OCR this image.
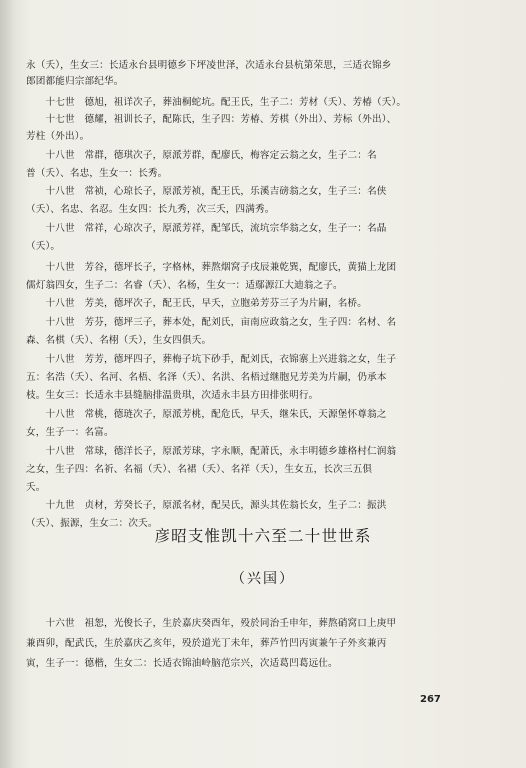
永（夭），生女三：长适永台县明德乡下坪凌世泽，次适永台县杭第荣思，三适衣锦乡
郎团都能归宗部纪华。
　　十七世　德旭，祖详次子，葬油桐蛇坑。配王氏，生子二：芳材（夭）、芳椿（夭）。
　　十七世　德耀，祖训长子，配陈氏，生子四：芳椿、芳棋（外出）、芳标（外出）、
芳柱（外出）。
　　十八世　常群，德琪次子，原派芳群，配廖氏，梅容定云翁之女，生子二：名
普（夭）、名忠，生女一：长秀。
　　十八世　常祯，心琼长子，原派芳祯，配王氏，乐溪吉磅翁之女，生子三：名侠
（夭）、名忠、名忍。生女四：长九秀，次三夭，四满秀。
　　十八世　常祥，心琼次子，原派芳祥，配邹氏，流坑宗华翁之女，生子一：名晶
（夭）。
　　十八世　芳谷，德坪长子，字格林，葬熬烟窝子戌辰兼乾巽，配廖氏，黄猫上龙团
儒灯翁四女，生子二：名睿（夭）、名杨，生女一：适鄢源江大迪翁之子。
　　十八世　芳美，德坪次子，配王氏，早夭，立胞弟芳芬三子为片嗣，名桥。
　　十八世　芳芬，德坪三子，葬本处，配刘氏，亩南应政翁之女，生子四：名材、名
森、名棋（夭）、名栩（夭），生女四俱夭。
　　十八世　芳芳，德坪四子，葬梅子坑下砂手，配刘氏，衣锦寨上兴进翁之女，生子
五：名浩（夭）、名河、名梧、名泽（夭）、名洪、名梧过继胞兄芳美为片嗣，仍承本
枝。生女三：长适永丰县缝脑排温贵琪，次适永丰县方田排张明行。
　　十八世　常桃，德琏次子，原派芳桃，配危氏，早夭，继朱氏，天源堡怀尊翁之
女，生子一：名富。
　　十八世　常球，德洋长子，原派芳球，字永顺，配萧氏，永丰明德乡雄格村仁润翁
之女，生子四：名祈、名福（夭）、名裙（夭）、名祥（夭），生女五，长次三五俱
夭。
　　十九世　贞材，芳癸长子，原派名材，配吴氏，源头其佐翁长女，生子二：振洪
（夭）、振源，生女二：次夭。
彦昭支惟凯十六至二十世世系
（兴国）
　　十六世　祖恕，光俊长子，生於嘉庆癸酉年，殁於同治壬申年，葬熬硝窝口上庚甲
兼酉卯，配武氏，生於嘉庆乙亥年，殁於道光丁未年，葬芦竹凹丙寅兼午子外亥兼丙
寅，生子一：德楷，生女二：长适衣锦油岭脑范宗兴，次适葛凹葛远仕。
267
